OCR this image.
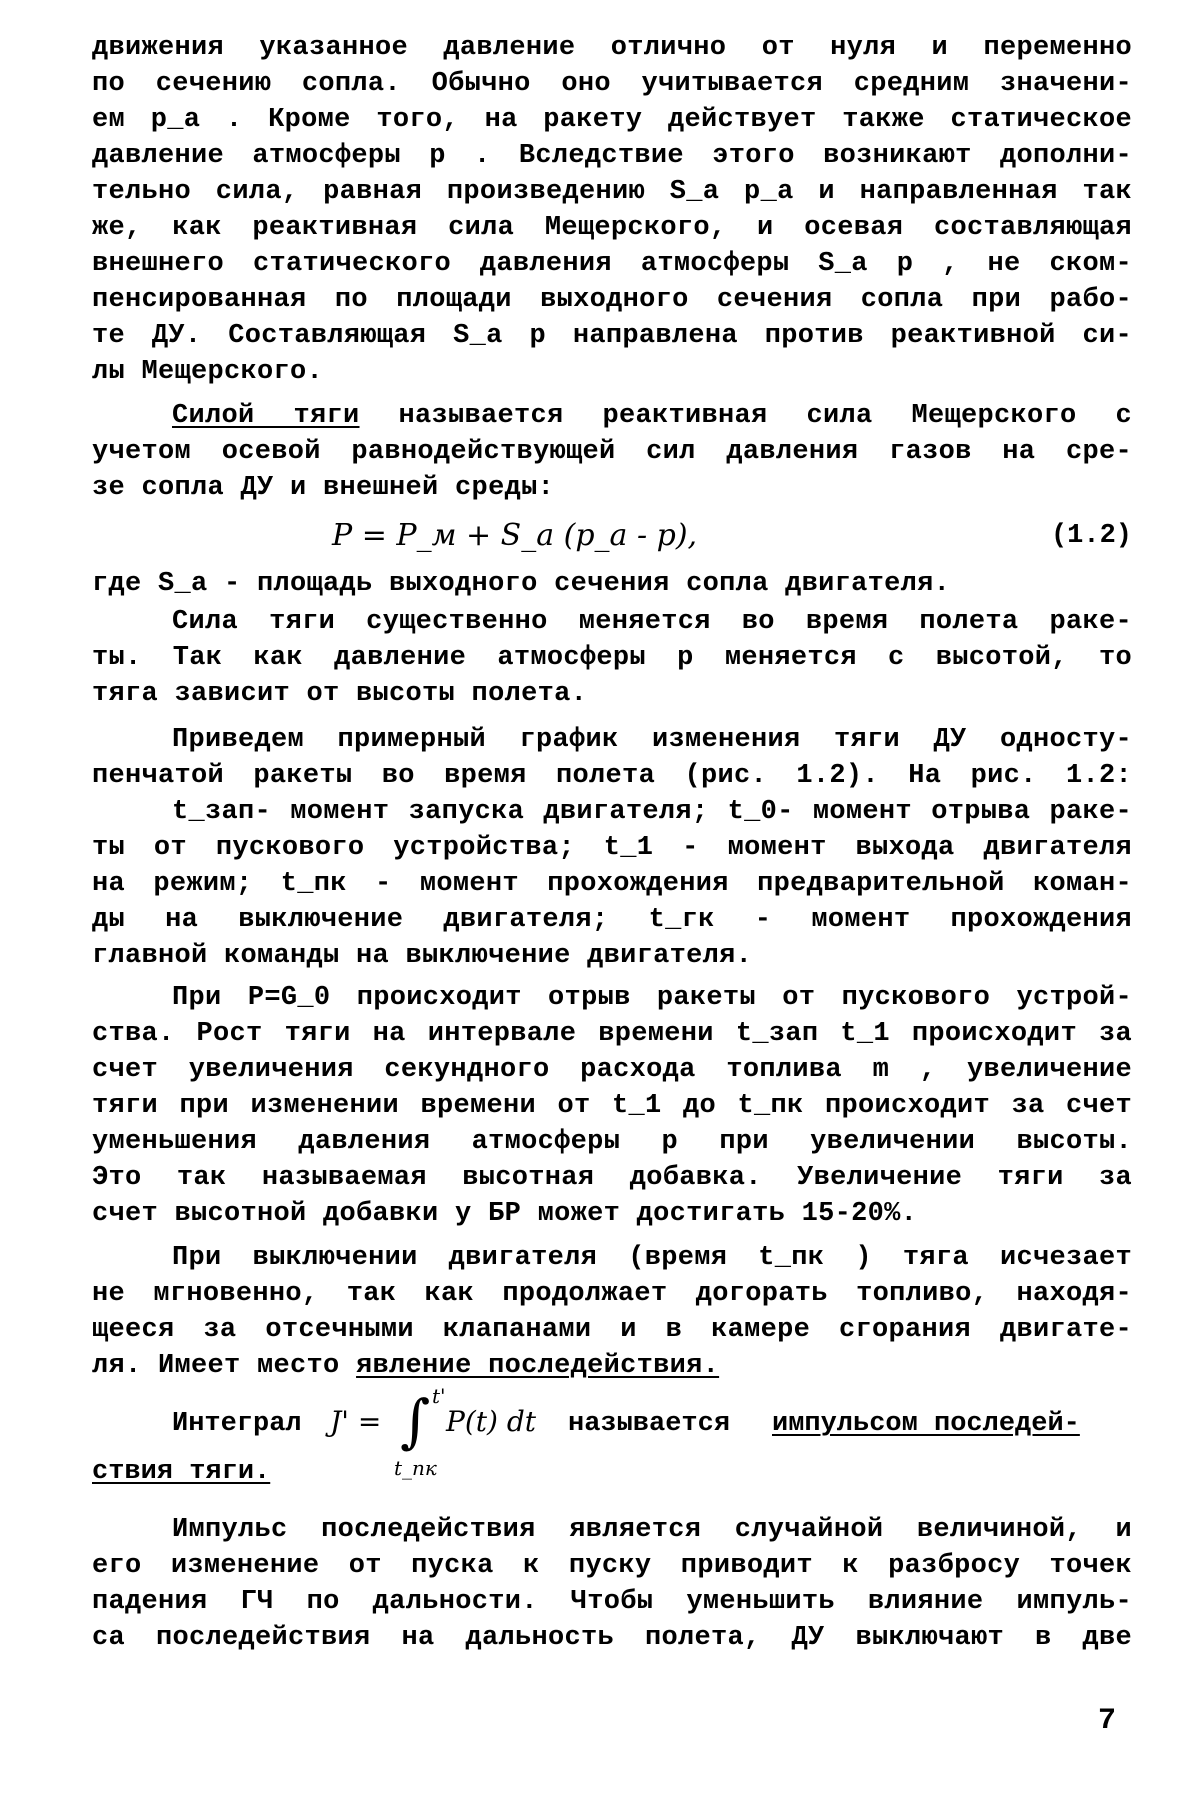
движения указанное давление отлично от нуля и переменно
по сечению сопла. Обычно оно учитывается средним значени-
ем p_a . Кроме того, на ракету действует также статическое
давление атмосферы p . Вследствие этого возникают дополни-
тельно сила, равная произведению S_a p_a и направленная так
же, как реактивная сила Мещерского, и осевая составляющая
внешнего статического давления атмосферы S_a p , не ском-
пенсированная по площади выходного сечения сопла при рабо-
те ДУ. Составляющая S_a p направлена против реактивной си-
лы Мещерского.
Силой тяги называется реактивная сила Мещерского с
учетом осевой равнодействующей сил давления газов на сре-
зе сопла ДУ и внешней среды:
P = P_м + S_a (p_a - p),	(1.2)
где S_a - площадь выходного сечения сопла двигателя.
Сила тяги существенно меняется во время полета раке-
ты. Так как давление атмосферы p меняется с высотой, то
тяга зависит от высоты полета.
Приведем примерный график изменения тяги ДУ односту-
пенчатой ракеты во время полета (рис. 1.2). На рис. 1.2:
t_зап- момент запуска двигателя; t_0- момент отрыва раке-
ты от пускового устройства; t_1 - момент выхода двигателя
на режим; t_пк - момент прохождения предварительной коман-
ды на выключение двигателя; t_гк - момент прохождения
главной команды на выключение двигателя.
При P=G_0 происходит отрыв ракеты от пускового устрой-
ства. Рост тяги на интервале времени t_зап t_1 происходит за
счет увеличения секундного расхода топлива m , увеличение
тяги при изменении времени от t_1 до t_пк происходит за счет
уменьшения давления атмосферы p при увеличении высоты.
Это так называемая высотная добавка. Увеличение тяги за
счет высотной добавки у БР может достигать 15-20%.
При выключении двигателя (время t_пк ) тяга исчезает
не мгновенно, так как продолжает догорать топливо, находя-
щееся за отсечными клапанами и в камере сгорания двигате-
ля. Имеет место явление последействия.
Интеграл J' = ∫ t'
t_пк
P(t) dt называется импульсом последей-
ствия тяги.
Импульс последействия является случайной величиной, и
его изменение от пуска к пуску приводит к разбросу точек
падения ГЧ по дальности. Чтобы уменьшить влияние импуль-
са последействия на дальность полета, ДУ выключают в две
7
